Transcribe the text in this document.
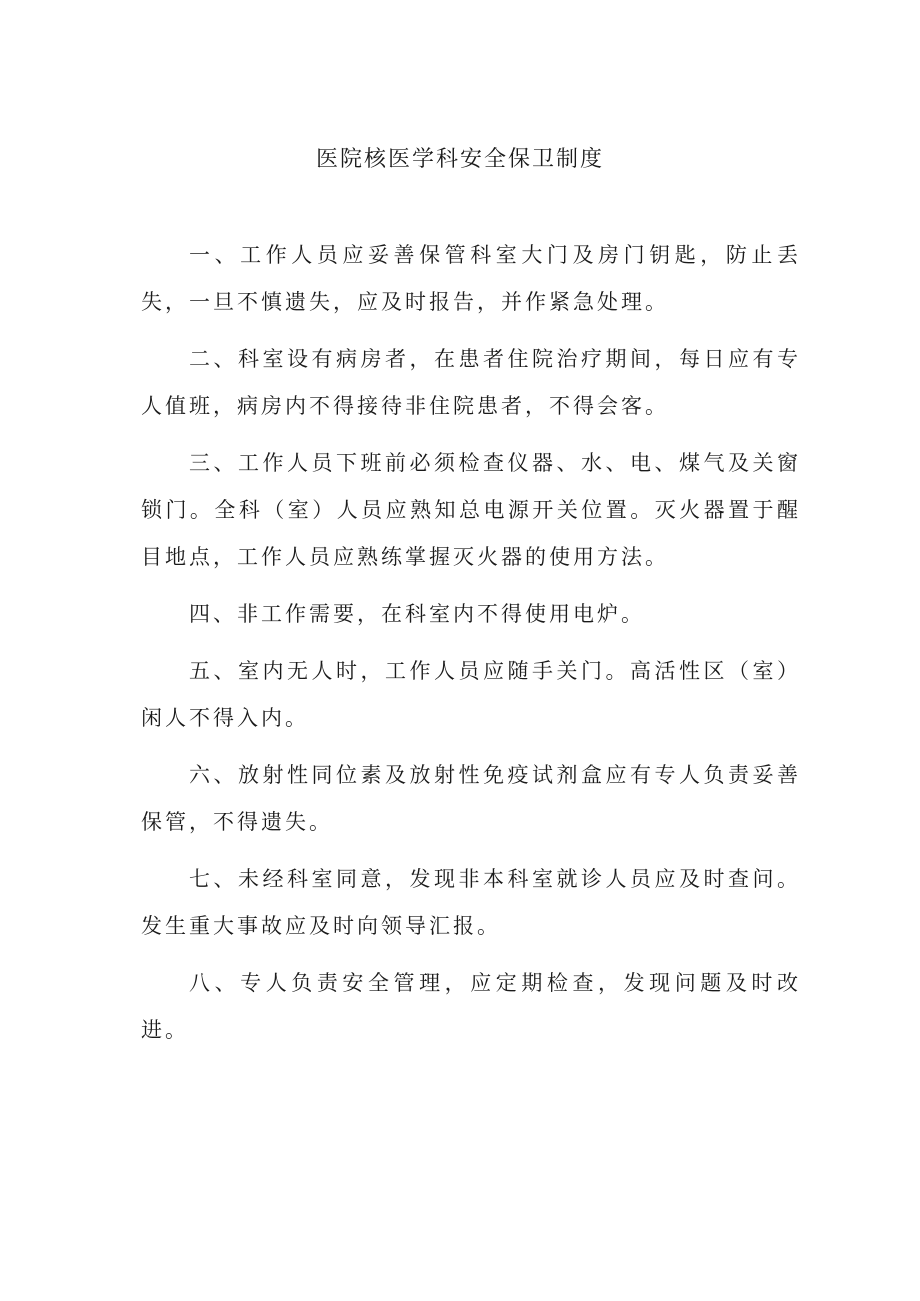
医院核医学科安全保卫制度

一、工作人员应妥善保管科室大门及房门钥匙，防止丢失，一旦不慎遗失，应及时报告，并作紧急处理。

二、科室设有病房者，在患者住院治疗期间，每日应有专人值班，病房内不得接待非住院患者，不得会客。

三、工作人员下班前必须检查仪器、水、电、煤气及关窗锁门。全科（室）人员应熟知总电源开关位置。灭火器置于醒目地点，工作人员应熟练掌握灭火器的使用方法。

四、非工作需要，在科室内不得使用电炉。

五、室内无人时，工作人员应随手关门。高活性区（室）闲人不得入内。

六、放射性同位素及放射性免疫试剂盒应有专人负责妥善保管，不得遗失。

七、未经科室同意，发现非本科室就诊人员应及时查问。发生重大事故应及时向领导汇报。

八、专人负责安全管理，应定期检查，发现问题及时改进。
